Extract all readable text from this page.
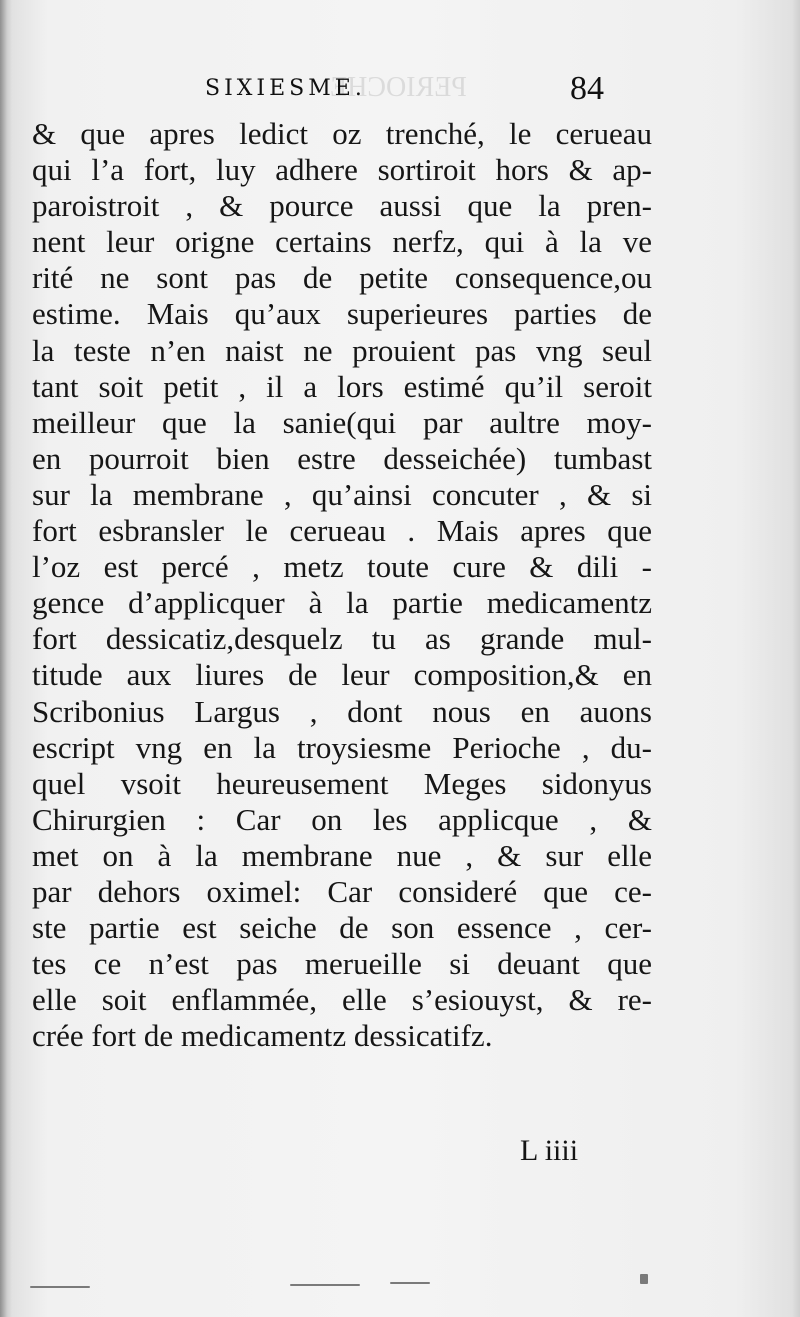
PERIOCHE
SIXIESME.	84
& que apres ledict oz trenché, le cerueau
qui l’a fort, luy adhere sortiroit hors & ap-
paroistroit , & pource aussi que la pren-
nent leur origne certains nerfz, qui à la ve
rité ne sont pas de petite consequence,ou
estime. Mais qu’aux superieures parties de
la teste n’en naist ne prouient pas vng seul
tant soit petit , il a lors estimé qu’il seroit
meilleur que la sanie(qui par aultre moy-
en pourroit bien estre desseichée) tumbast
sur la membrane , qu’ainsi concuter , & si
fort esbransler le cerueau . Mais apres que
l’oz est percé , metz toute cure & dili -
gence d’applicquer à la partie medicamentz
fort dessicatiz,desquelz tu as grande mul-
titude aux liures de leur composition,& en
Scribonius Largus , dont nous en auons
escript vng en la troysiesme Perioche , du-
quel vsoit heureusement Meges sidonyus
Chirurgien : Car on les applicque , &
met on à la membrane nue , & sur elle
par dehors oximel: Car consideré que ce-
ste partie est seiche de son essence , cer-
tes ce n’est pas merueille si deuant que
elle soit enflammée, elle s’esiouyst, & re-
crée fort de medicamentz dessicatifz.
L iiii
